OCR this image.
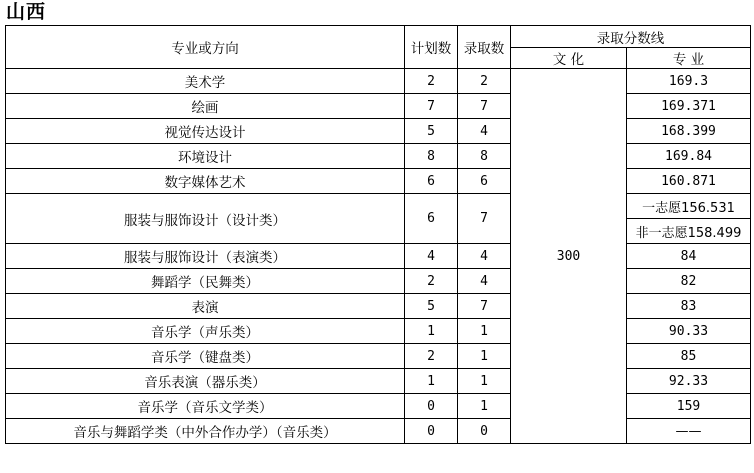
山西
专业或方向	计划数	录取数	录取分数线	
			文 化	专 业
美术学	2	2	300	169.3
绘画	7	7		169.371
视觉传达设计	5	4		168.399
环境设计	8	8		169.84
数字媒体艺术	6	6		160.871
服装与服饰设计（设计类）	6	7		一志愿156.531
				非一志愿158.499
服装与服饰设计（表演类）	4	4		84
舞蹈学（民舞类）	2	4		82
表演	5	7		83
音乐学（声乐类）	1	1		90.33
音乐学（键盘类）	2	1		85
音乐表演（器乐类）	1	1		92.33
音乐学（音乐文学类）	0	1		159
音乐与舞蹈学类（中外合作办学）（音乐类）	0	0		——
